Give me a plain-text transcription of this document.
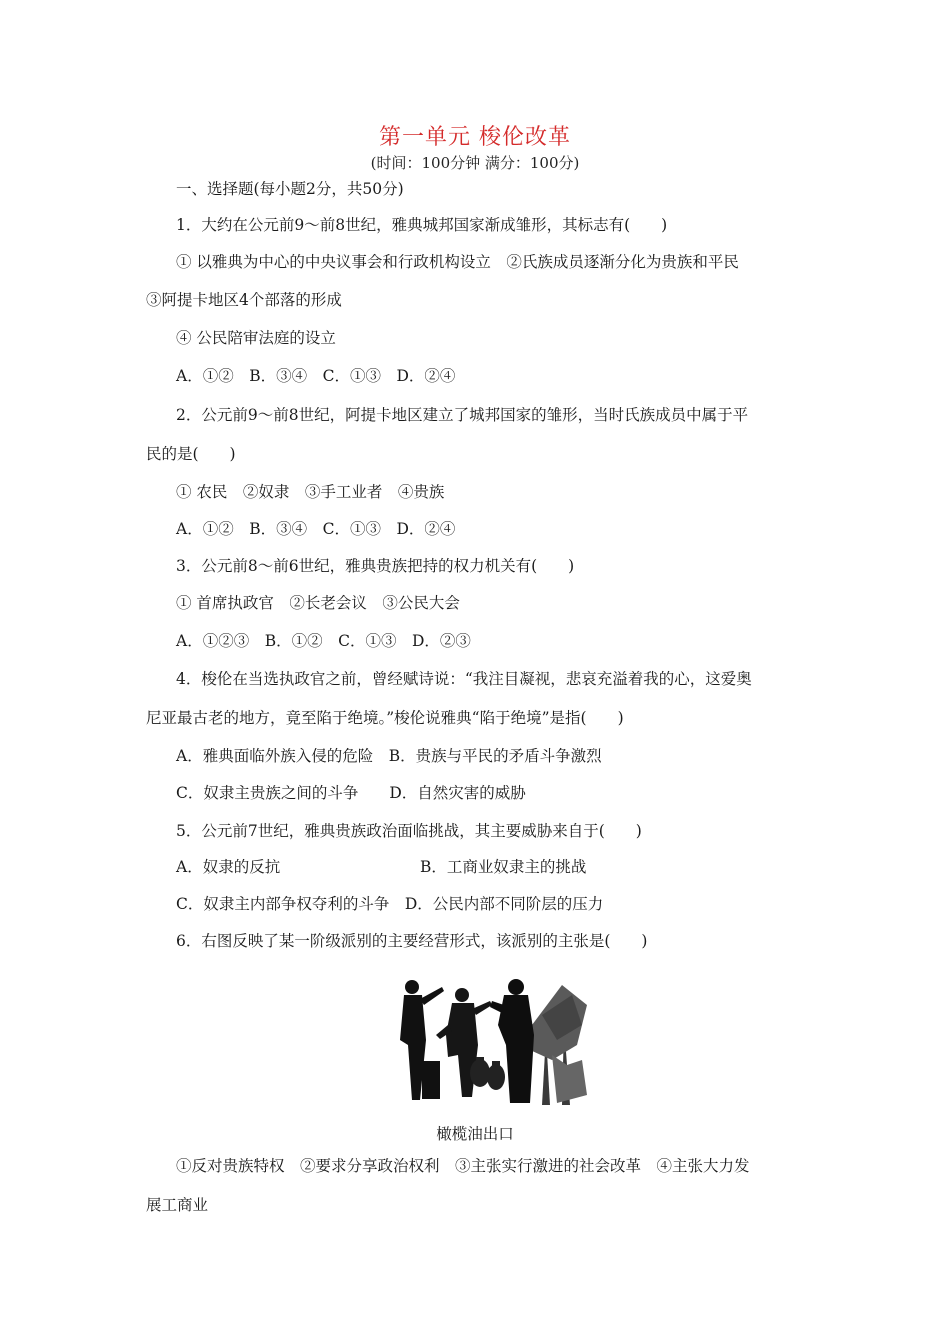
第一单元 梭伦改革
(时间：100分钟 满分：100分)
一、选择题(每小题2分，共50分)
1．大约在公元前9～前8世纪，雅典城邦国家渐成雏形，其标志有(　　)
① 以雅典为中心的中央议事会和行政机构设立　②氏族成员逐渐分化为贵族和平民
③阿提卡地区4个部落的形成
④ 公民陪审法庭的设立
A．①②　B．③④　C．①③　D．②④
2．公元前9～前8世纪，阿提卡地区建立了城邦国家的雏形，当时氏族成员中属于平
民的是(　　)
① 农民　②奴隶　③手工业者　④贵族
A．①②　B．③④　C．①③　D．②④
3．公元前8～前6世纪，雅典贵族把持的权力机关有(　　)
① 首席执政官　②长老会议　③公民大会
A．①②③　B．①②　C．①③　D．②③
4．梭伦在当选执政官之前，曾经赋诗说：“我注目凝视，悲哀充溢着我的心，这爱奥
尼亚最古老的地方，竟至陷于绝境。”梭伦说雅典“陷于绝境”是指(　　)
A．雅典面临外族入侵的危险　B．贵族与平民的矛盾斗争激烈
C．奴隶主贵族之间的斗争　　D．自然灾害的威胁
5．公元前7世纪，雅典贵族政治面临挑战，其主要威胁来自于(　　)
A．奴隶的反抗	B．工商业奴隶主的挑战
C．奴隶主内部争权夺利的斗争　D．公民内部不同阶层的压力
6．右图反映了某一阶级派别的主要经营形式，该派别的主张是(　　)
橄榄油出口
①反对贵族特权　②要求分享政治权利　③主张实行激进的社会改革　④主张大力发
展工商业
